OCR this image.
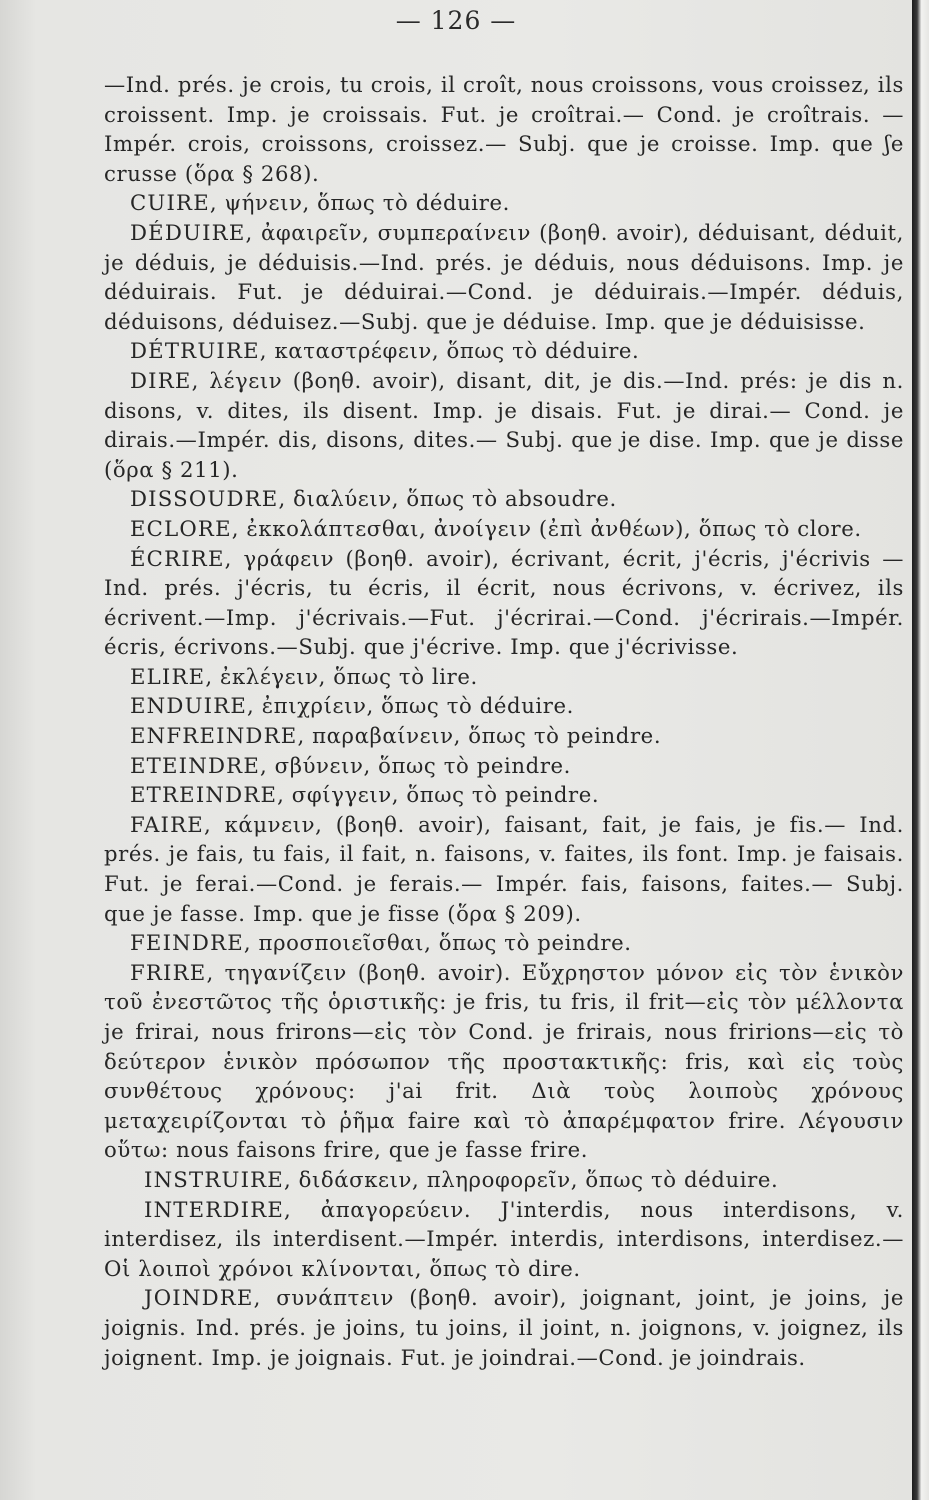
— 126 —

—Ind. prés. je crois, tu crois, il croît, nous croissons, vous croissez, ils croissent. Imp. je croissais. Fut. je croîtrai.— Cond. je croîtrais. —Impér. crois, croissons, croissez.— Subj. que je croisse. Imp. que ʃe crusse (ὅρα § 268).

CUIRE, ψήνειν, ὅπως τὸ déduire.

DÉDUIRE, ἀφαιρεῖν, συμπεραίνειν (βοηθ. avoir), déduisant, déduit, je déduis, je déduisis.—Ind. prés. je déduis, nous déduisons. Imp. je déduirais. Fut. je déduirai.—Cond. je déduirais.—Impér. déduis, déduisons, déduisez.—Subj. que je déduise. Imp. que je déduisisse.

DÉTRUIRE, καταστρέφειν, ὅπως τὸ déduire.

DIRE, λέγειν (βοηθ. avoir), disant, dit, je dis.—Ind. prés: je dis n. disons, v. dites, ils disent. Imp. je disais. Fut. je dirai.— Cond. je dirais.—Impér. dis, disons, dites.— Subj. que je dise. Imp. que je disse (ὅρα § 211).

DISSOUDRE, διαλύειν, ὅπως τὸ absoudre.

ECLORE, ἐκκολάπτεσθαι, ἀνοίγειν (ἐπὶ ἀνθέων), ὅπως τὸ clore.

ÉCRIRE, γράφειν (βοηθ. avoir), écrivant, écrit, j'écris, j'écrivis —Ind. prés. j'écris, tu écris, il écrit, nous écrivons, v. écrivez, ils écrivent.—Imp. j'écrivais.—Fut. j'écrirai.—Cond. j'écrirais.—Impér. écris, écrivons.—Subj. que j'écrive. Imp. que j'écrivisse.

ELIRE, ἐκλέγειν, ὅπως τὸ lire.

ENDUIRE, ἐπιχρίειν, ὅπως τὸ déduire.

ENFREINDRE, παραβαίνειν, ὅπως τὸ peindre.

ETEINDRE, σβύνειν, ὅπως τὸ peindre.

ETREINDRE, σφίγγειν, ὅπως τὸ peindre.

FAIRE, κάμνειν, (βοηθ. avoir), faisant, fait, je fais, je fis.— Ind. prés. je fais, tu fais, il fait, n. faisons, v. faites, ils font. Imp. je faisais. Fut. je ferai.—Cond. je ferais.— Impér. fais, faisons, faites.— Subj. que je fasse. Imp. que je fisse (ὅρα § 209).

FEINDRE, προσποιεῖσθαι, ὅπως τὸ peindre.

FRIRE, τηγανίζειν (βοηθ. avoir). Εὔχρηστον μόνον εἰς τὸν ἑνικὸν τοῦ ἐνεστῶτος τῆς ὁριστικῆς: je fris, tu fris, il frit—εἰς τὸν μέλλοντα je frirai, nous frirons—εἰς τὸν Cond. je frirais, nous fririons—εἰς τὸ δεύτερον ἑνικὸν πρόσωπον τῆς προστακτικῆς: fris, καὶ εἰς τοὺς συνθέτους χρόνους: j'ai frit. Διὰ τοὺς λοιποὺς χρόνους μεταχειρίζονται τὸ ῥῆμα faire καὶ τὸ ἀπαρέμφατον frire. Λέγουσιν οὕτω: nous faisons frire, que je fasse frire.

INSTRUIRE, διδάσκειν, πληροφορεῖν, ὅπως τὸ déduire.

INTERDIRE, ἀπαγορεύειν. J'interdis, nous interdisons, v. interdisez, ils interdisent.—Impér. interdis, interdisons, interdisez.—Οἱ λοιποὶ χρόνοι κλίνονται, ὅπως τὸ dire.

JOINDRE, συνάπτειν (βοηθ. avoir), joignant, joint, je joins, je joignis. Ind. prés. je joins, tu joins, il joint, n. joignons, v. joignez, ils joignent. Imp. je joignais. Fut. je joindrai.—Cond. je joindrais.
